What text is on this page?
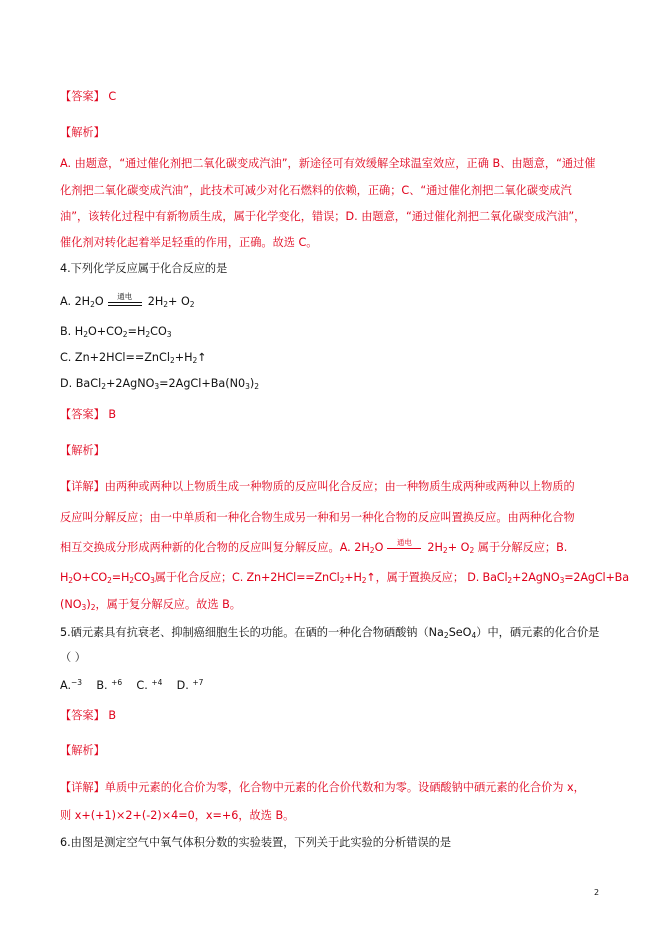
【答案】 C
【解析】
A. 由题意，“通过催化剂把二氧化碳变成汽油”，新途径可有效缓解全球温室效应，正确 B、由题意，“通过催
化剂把二氧化碳变成汽油”，此技术可减少对化石燃料的依赖，正确；C、“通过催化剂把二氧化碳变成汽
油”，该转化过程中有新物质生成，属于化学变化，错误；D. 由题意，“通过催化剂把二氧化碳变成汽油”，
催化剂对转化起着举足轻重的作用，正确。故选 C。
4.下列化学反应属于化合反应的是
A. $2H_2O$	通电	$2H_2+ O_2$
B. $H_2O+CO_2=H_2CO_3$
C. $Zn+2HCl==ZnCl_2+H_2↑$
D. $BaCl_2+2AgNO_3=2AgCl+Ba(N0_3)_2$
【答案】 B
【解析】
【详解】由两种或两种以上物质生成一种物质的反应叫化合反应；由一种物质生成两种或两种以上物质的
反应叫分解反应；由一中单质和一种化合物生成另一种和另一种化合物的反应叫置换反应。由两种化合物
相互交换成分形成两种新的化合物的反应叫复分解反应。A. $2H_2O$	通电	$2H_2+ O_2$ 属于分解反应；B.
$H_2O+CO_2=H_2CO_3$属于化合反应；C. $Zn+2HCl==ZnCl_2+H_2↑$，属于置换反应； D. BaCl$_2$+2AgNO$_3$=2AgCl+Ba
$(NO_3)_2$，属于复分解反应。故选 B。
5.硒元素具有抗衰老、抑制癌细胞生长的功能。在硒的一种化合物硒酸钠$(Na_2SeO_4)$中，硒元素的化合价是
（ ）
A.$^{-3}$ B. $^{+6}$ C. $^{+4}$ D. $^{+7}$
【答案】 B
【解析】
【详解】单质中元素的化合价为零，化合物中元素的化合价代数和为零。设硒酸钠中硒元素的化合价为 x，
则 x+(+1)×2+(-2)×4=0，x=+6，故选 B。
6.由图是测定空气中氧气体积分数的实验装置，下列关于此实验的分析错误的是
2
